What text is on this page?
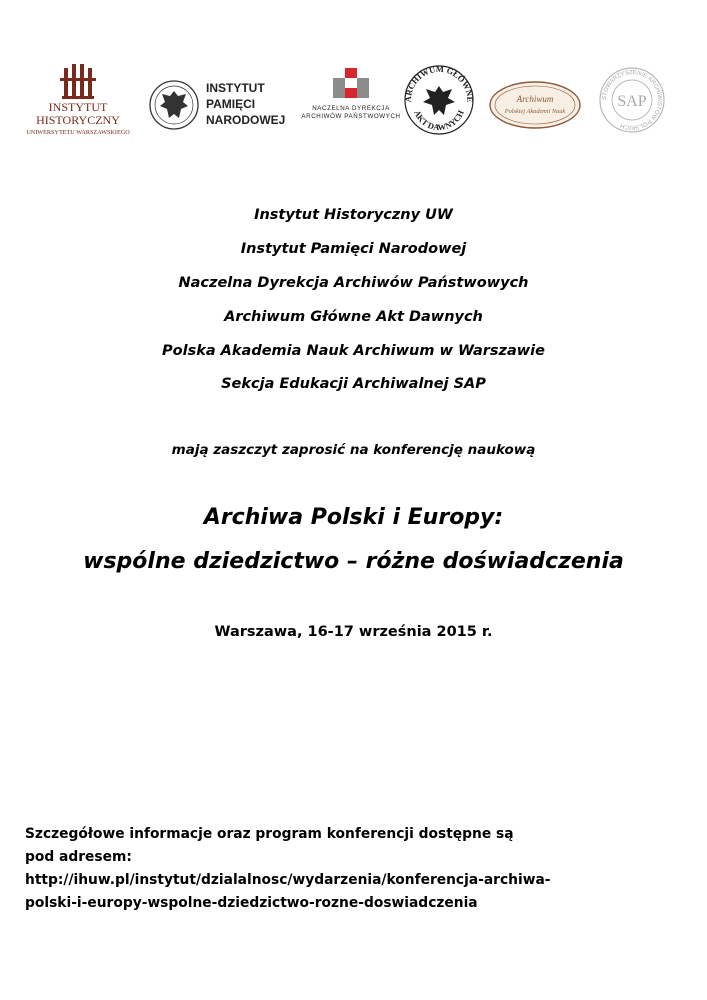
INSTYTUT
HISTORYCZNY
UNIWERSYTETU WARSZAWSKIEGO
INSTYTUT
PAMIĘCI
NARODOWEJ
NACZELNA DYREKCJA
ARCHIWÓW PAŃSTWOWYCH
ARCHIWUM GŁÓWNE
AKT DAWNYCH
Archiwum
Polskiej Akademii Nauk
STOWARZYSZENIE ARCHIWISTÓW POLSKICH
SAP
Instytut Historyczny UW
Instytut Pamięci Narodowej
Naczelna Dyrekcja Archiwów Państwowych
Archiwum Główne Akt Dawnych
Polska Akademia Nauk Archiwum w Warszawie
Sekcja Edukacji Archiwalnej SAP
mają zaszczyt zaprosić na konferencję naukową
Archiwa Polski i Europy:
wspólne dziedzictwo – różne doświadczenia
Warszawa, 16-17 września 2015 r.
Szczegółowe informacje oraz program konferencji dostępne są
pod adresem:
http://ihuw.pl/instytut/dzialalnosc/wydarzenia/konferencja-archiwa-
polski-i-europy-wspolne-dziedzictwo-rozne-doswiadczenia
